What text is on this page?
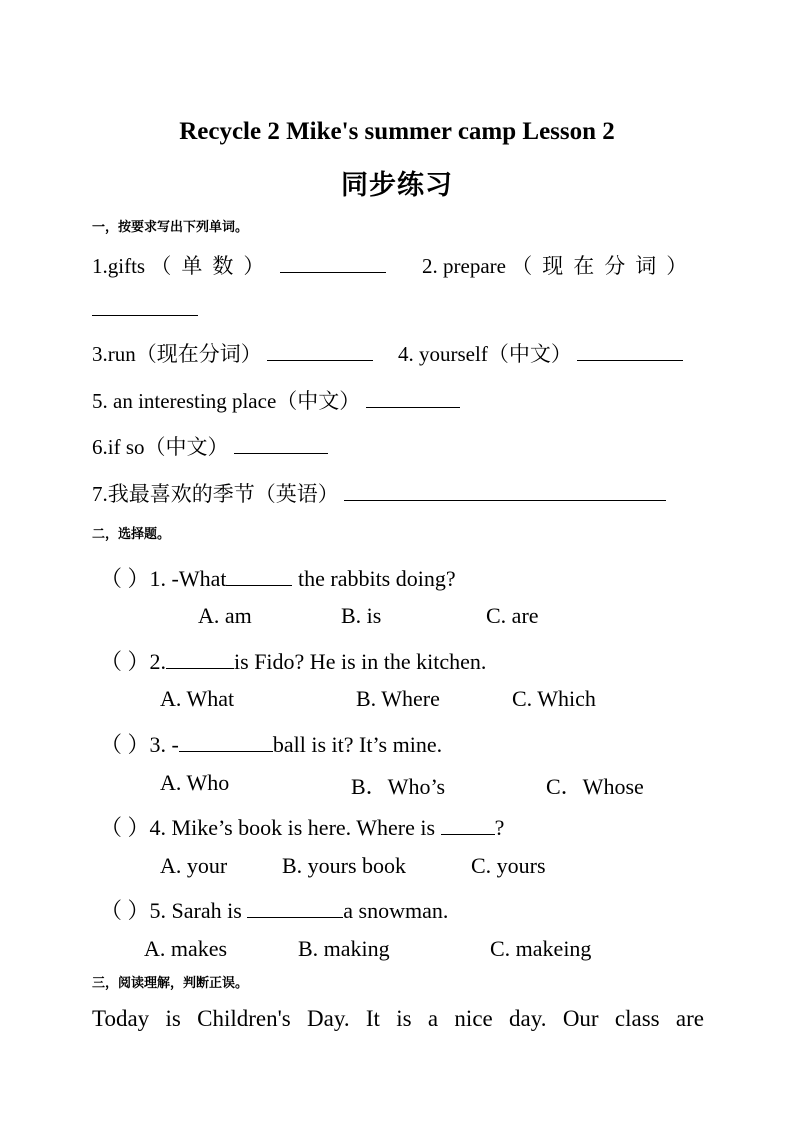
Recycle 2 Mike's summer camp Lesson 2
同步练习
一，按要求写出下列单词。
1.gifts （单数）	2. prepare （现在分词）
3.run（现在分词）	4. yourself（中文）
5. an interesting place（中文）
6.if so（中文）
7.我最喜欢的季节（英语）
二，选择题。
（ ）1. -What	the rabbits doing?
A. am	B. is	C. are
（ ）2.	is Fido? He is in the kitchen.
A. What	B. Where	C. Which
（ ）3. -	ball is it? It’s mine.
A. Who	B．Who’s	C．Whose
（ ）4. Mike’s book is here. Where is ?
A. your B. yours book	C. yours
（ ）5. Sarah is	a snowman.
A. makes	B. making	C. makeing
三，阅读理解，判断正误。
Today is Children's Day. It is a nice day. Our class are
